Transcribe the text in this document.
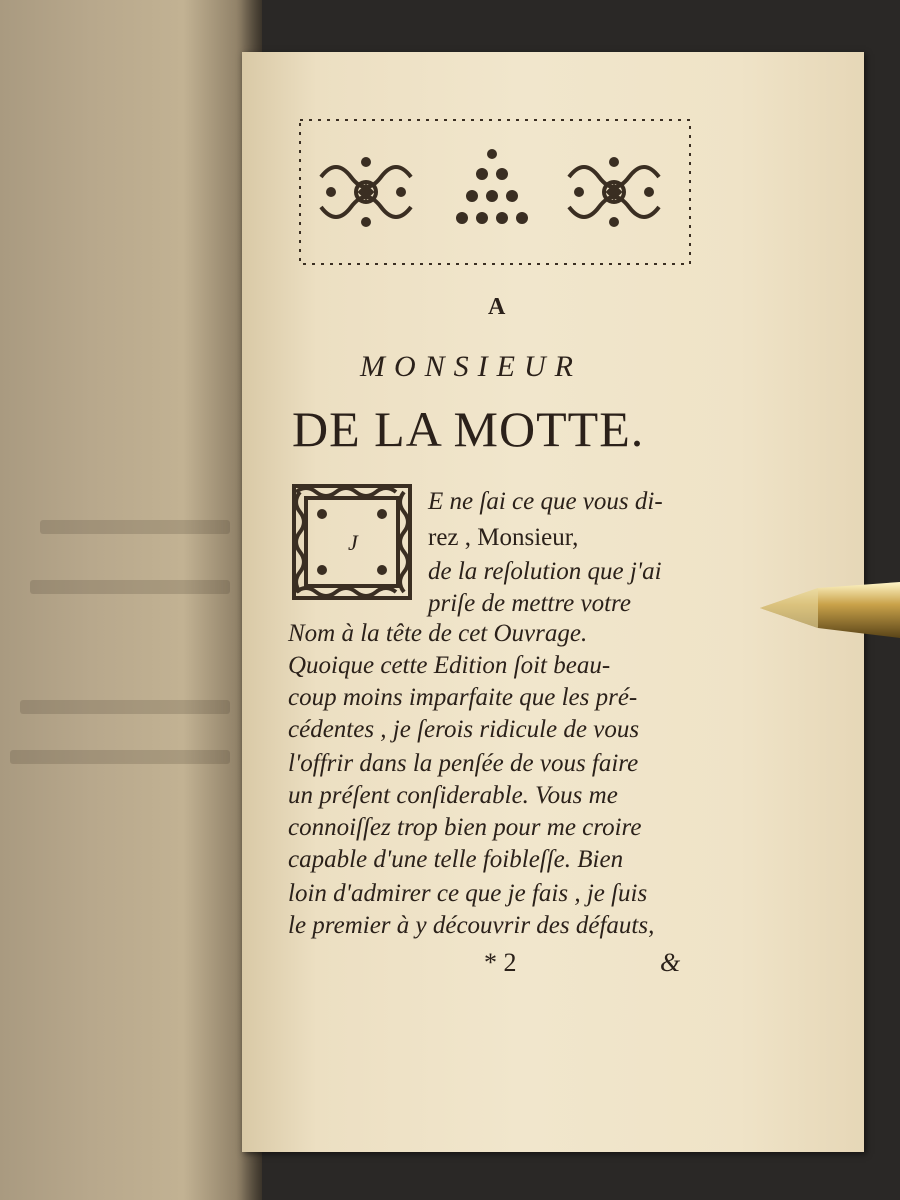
A
MONSIEUR
DE LA MOTTE.
J
E ne ſai ce que vous di-
rez , Monsieur,
de la reſolution que j'ai
priſe de mettre votre
Nom à la tête de cet Ouvrage.
Quoique cette Edition ſoit beau-
coup moins imparfaite que les pré-
cédentes , je ſerois ridicule de vous
l'offrir dans la penſée de vous faire
un préſent conſiderable. Vous me
connoiſſez trop bien pour me croire
capable d'une telle foibleſſe. Bien
loin d'admirer ce que je fais , je ſuis
le premier à y découvrir des défauts,
* 2	&
